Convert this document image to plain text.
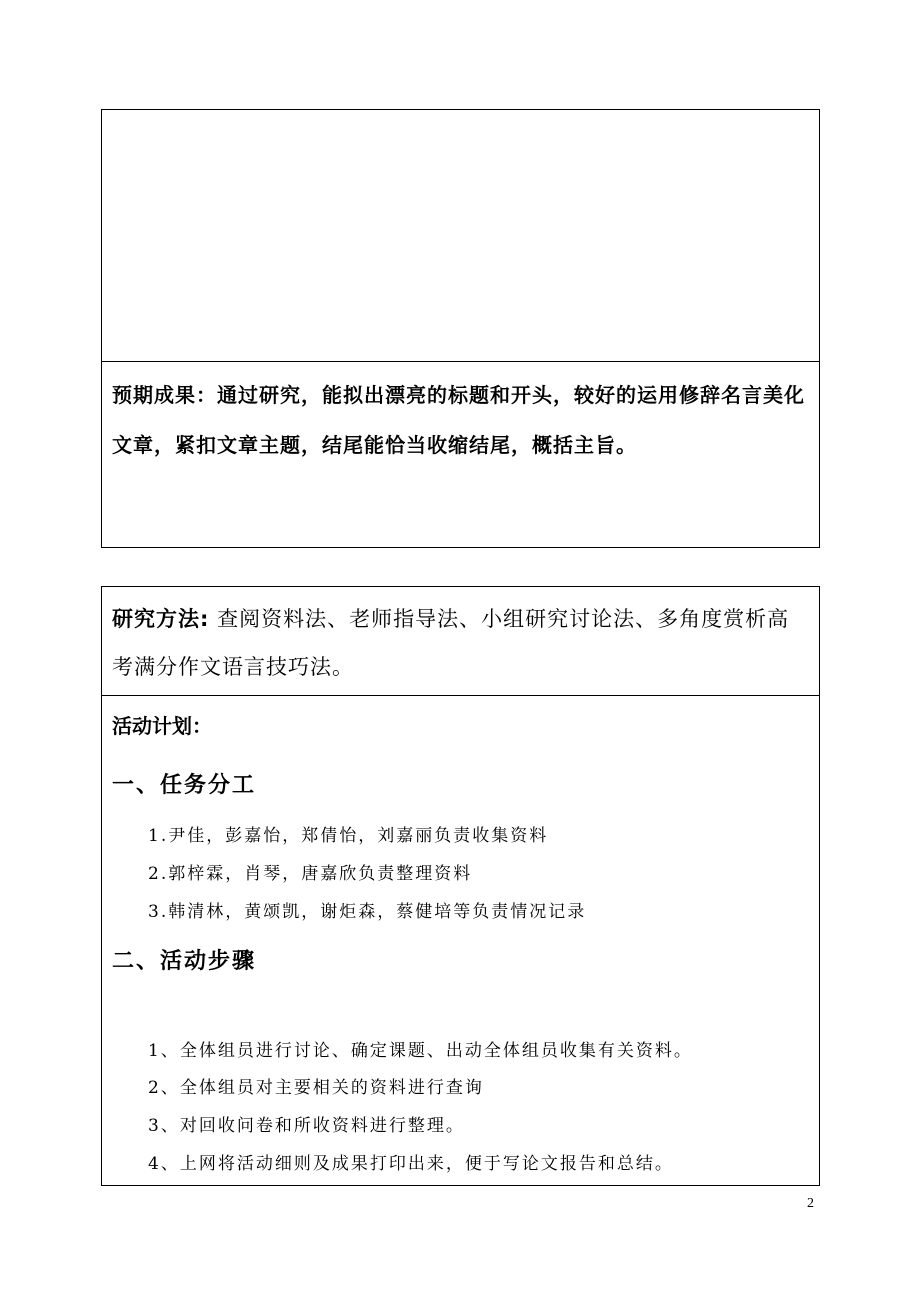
预期成果：通过研究，能拟出漂亮的标题和开头，较好的运用修辞名言美化文章，紧扣文章主题，结尾能恰当收缩结尾，概括主旨。

研究方法: 查阅资料法、老师指导法、小组研究讨论法、多角度赏析高考满分作文语言技巧法。

活动计划：
一、任务分工
1.尹佳，彭嘉怡，郑倩怡，刘嘉丽负责收集资料
2.郭梓霖，肖琴，唐嘉欣负责整理资料
3.韩清林，黄颂凯，谢炬森，蔡健培等负责情况记录
二、活动步骤
1、全体组员进行讨论、确定课题、出动全体组员收集有关资料。
2、全体组员对主要相关的资料进行查询
3、对回收问卷和所收资料进行整理。
4、上网将活动细则及成果打印出来，便于写论文报告和总结。
2
